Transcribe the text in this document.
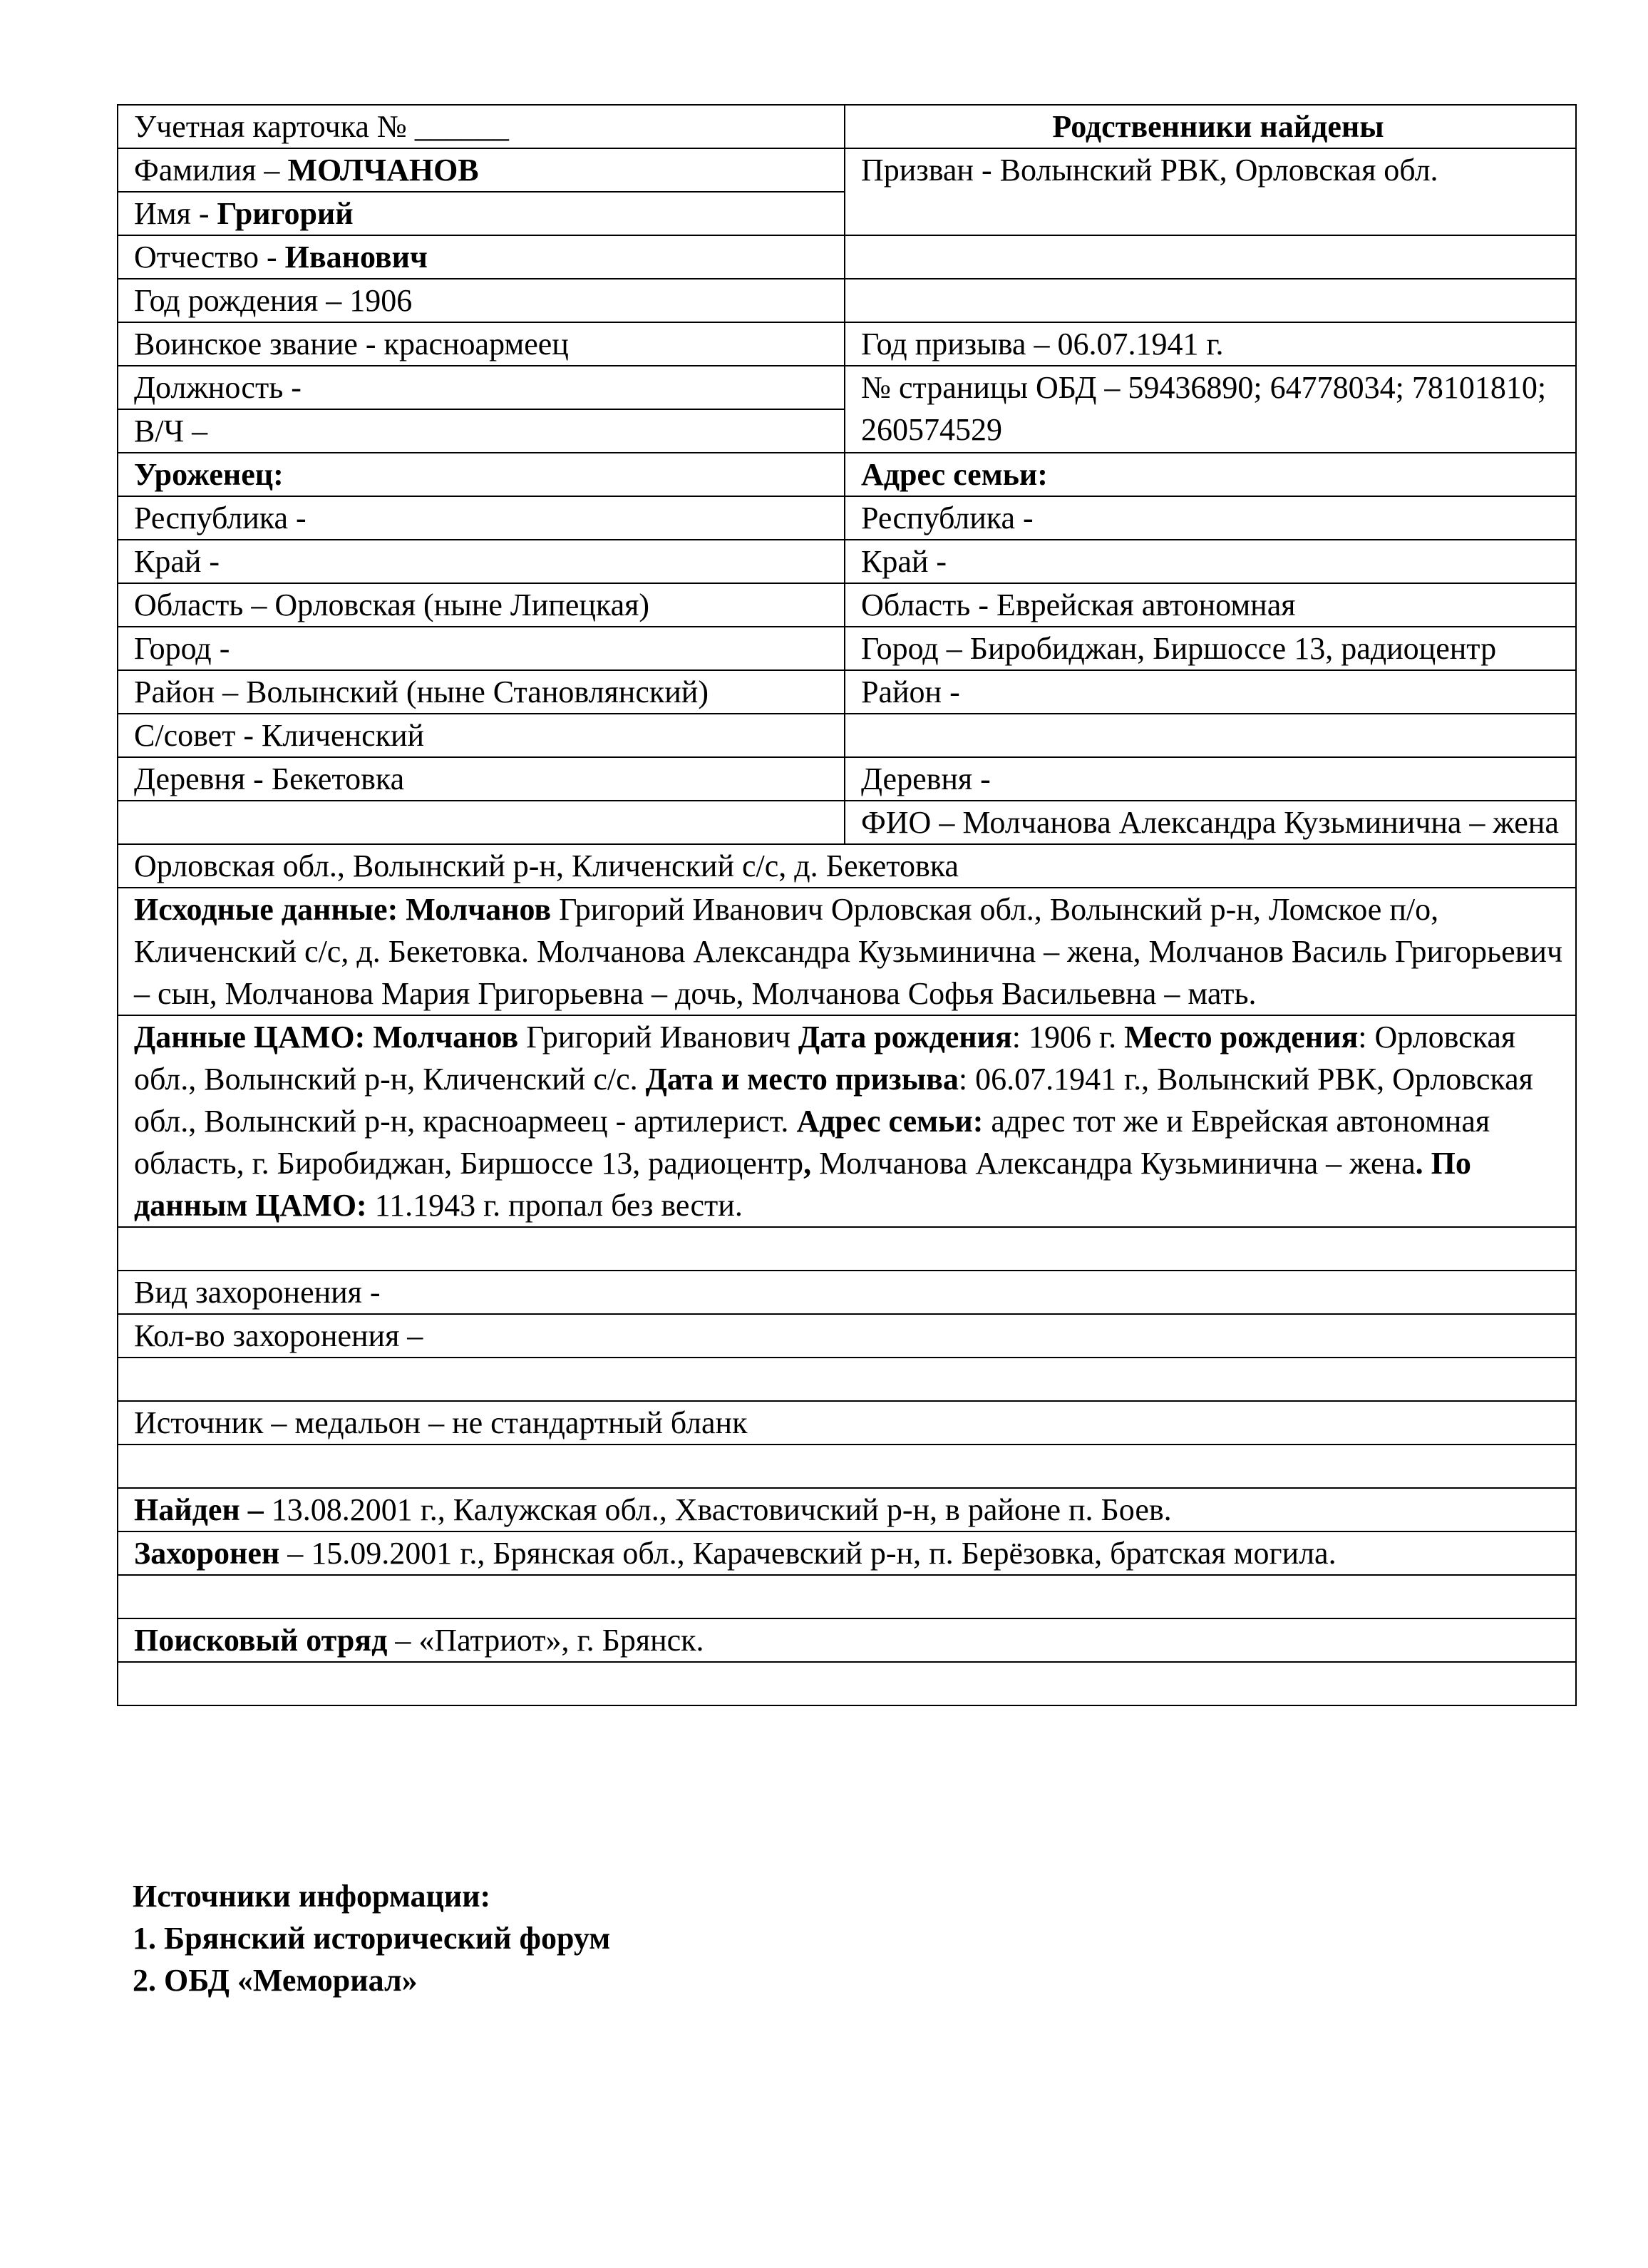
Учетная карточка № ______	Родственники найдены
Фамилия – МОЛЧАНОВ	Призван - Волынский РВК, Орловская обл.
Имя - Григорий	
Отчество - Иванович	
Год рождения – 1906	
Воинское звание - красноармеец	Год призыва – 06.07.1941 г.
Должность -	№ страницы ОБД – 59436890; 64778034; 78101810; 260574529
В/Ч –	
Уроженец:	Адрес семьи:
Республика -	Республика -
Край -	Край -
Область – Орловская (ныне Липецкая)	Область - Еврейская автономная
Город -	Город – Биробиджан, Биршоссе 13, радиоцентр
Район – Волынский (ныне Становлянский)	Район -
С/совет - Кличенский	
Деревня - Бекетовка	Деревня -
	ФИО – Молчанова Александра Кузьминична – жена
Орловская обл., Волынский р-н, Кличенский с/с, д. Бекетовка	
Исходные данные: Молчанов Григорий Иванович Орловская обл., Волынский р-н, Ломское п/о, Кличенский с/с, д. Бекетовка. Молчанова Александра Кузьминична – жена, Молчанов Василь Григорьевич – сын, Молчанова Мария Григорьевна – дочь, Молчанова Софья Васильевна – мать.	
Данные ЦАМО: Молчанов Григорий Иванович Дата рождения: 1906 г. Место рождения: Орловская обл., Волынский р-н, Кличенский с/с. Дата и место призыва: 06.07.1941 г., Волынский РВК, Орловская обл., Волынский р-н, красноармеец - артилерист. Адрес семьи: адрес тот же и Еврейская автономная область, г. Биробиджан, Биршоссе 13, радиоцентр, Молчанова Александра Кузьминична – жена. По данным ЦАМО: 11.1943 г. пропал без вести.	

Вид захоронения -	
Кол-во захоронения –	

Источник – медальон – не стандартный бланк	

Найден – 13.08.2001 г., Калужская обл., Хвастовичский р-н, в районе п. Боев.	
Захоронен – 15.09.2001 г., Брянская обл., Карачевский р-н, п. Берёзовка, братская могила.	

Поисковый отряд – «Патриот», г. Брянск.	

Источники информации:
1. Брянский исторический форум
2. ОБД «Мемориал»
